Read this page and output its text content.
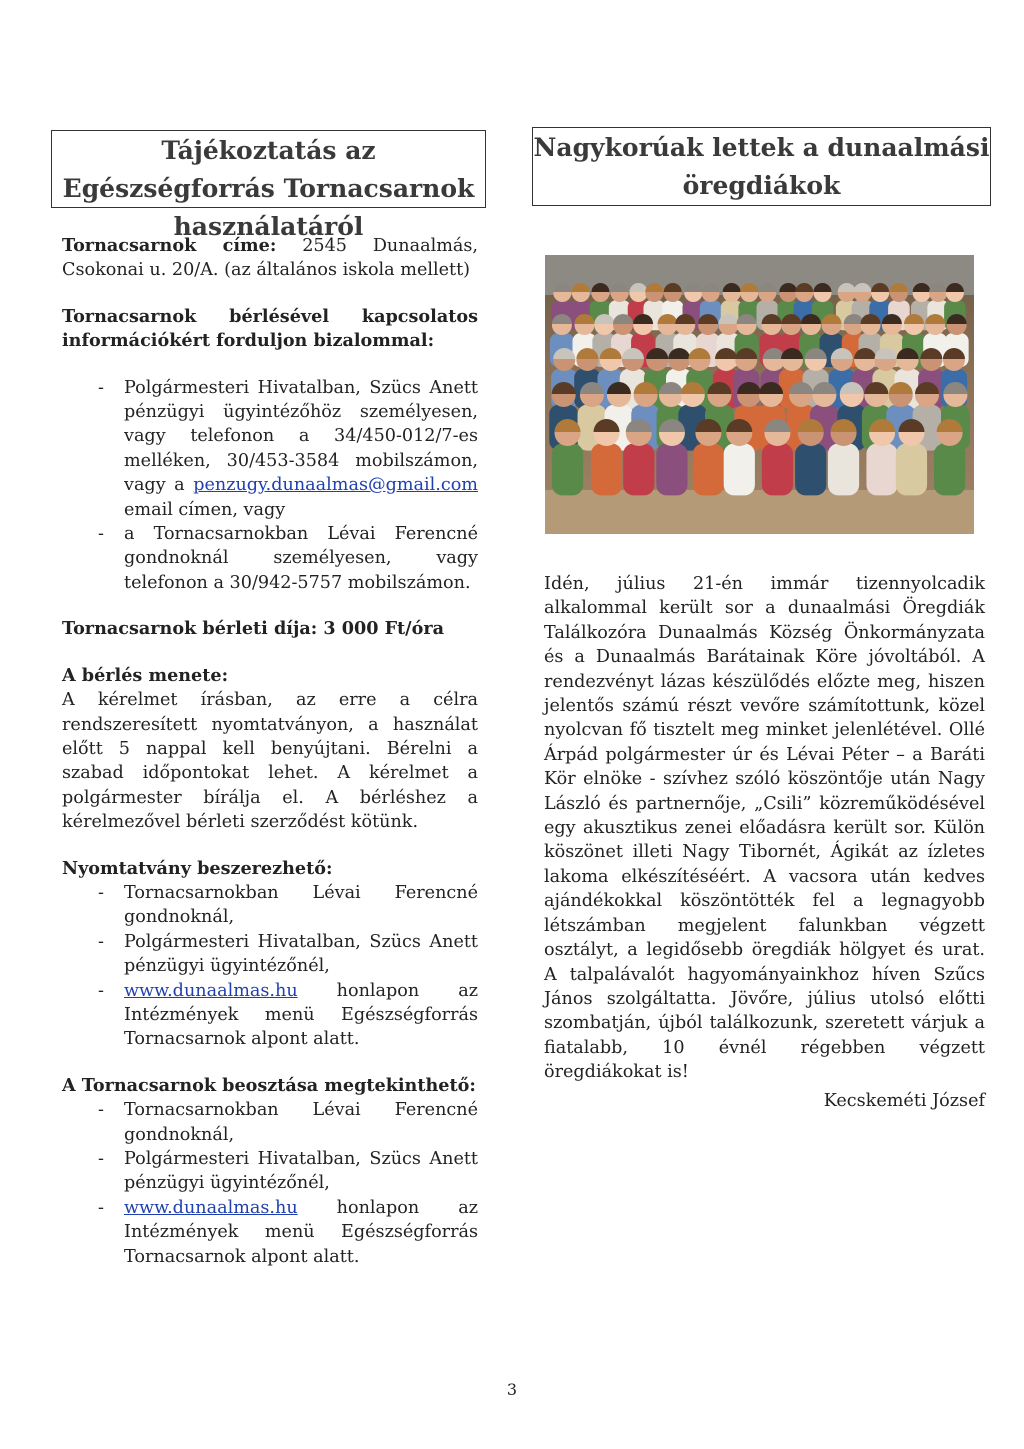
Tájékoztatás az Egészségforrás Tornacsarnok használatáról
Nagykorúak lettek a dunaalmási öregdiákok

Tornacsarnok címe: 2545 Dunaalmás, Csokonai u. 20/A. (az általános iskola mellett)

Tornacsarnok bérlésével kapcsolatos információkért forduljon bizalommal:

- Polgármesteri Hivatalban, Szücs Anett pénzügyi ügyintézőhöz személyesen, vagy telefonon a 34/450-012/7-es melléken, 30/453-3584 mobilszámon, vagy a penzugy.dunaalmas@gmail.com email címen, vagy
- a Tornacsarnokban Lévai Ferencné gondnoknál személyesen, vagy telefonon a 30/942-5757 mobilszámon.

Tornacsarnok bérleti díja: 3 000 Ft/óra

A bérlés menete:

A kérelmet írásban, az erre a célra rendszeresített nyomtatványon, a használat előtt 5 nappal kell benyújtani. Bérelni a szabad időpontokat lehet. A kérelmet a polgármester bírálja el. A bérléshez a kérelmezővel bérleti szerződést kötünk.

Nyomtatvány beszerezhető:

- Tornacsarnokban Lévai Ferencné gondnoknál,
- Polgármesteri Hivatalban, Szücs Anett pénzügyi ügyintézőnél,
- www.dunaalmas.hu honlapon az Intézmények menü Egészségforrás Tornacsarnok alpont alatt.

A Tornacsarnok beosztása megtekinthető:

- Tornacsarnokban Lévai Ferencné gondnoknál,
- Polgármesteri Hivatalban, Szücs Anett pénzügyi ügyintézőnél,
- www.dunaalmas.hu honlapon az Intézmények menü Egészségforrás Tornacsarnok alpont alatt.

Idén, július 21-én immár tizennyolcadik alkalommal került sor a dunaalmási Öregdiák Találkozóra Dunaalmás Község Önkormányzata és a Dunaalmás Barátainak Köre jóvoltából. A rendezvényt lázas készülődés előzte meg, hiszen jelentős számú részt vevőre számítottunk, közel nyolcvan fő tisztelt meg minket jelenlétével. Ollé Árpád polgármester úr és Lévai Péter – a Baráti Kör elnöke - szívhez szóló köszöntője után Nagy László és partnernője, „Csili” közreműködésével egy akusztikus zenei előadásra került sor. Külön köszönet illeti Nagy Tibornét, Ágikát az ízletes lakoma elkészítéséért. A vacsora után kedves ajándékokkal köszöntötték fel a legnagyobb létszámban megjelent falunkban végzett osztályt, a legidősebb öregdiák hölgyet és urat. A talpalávalót hagyományainkhoz híven Szűcs János szolgáltatta. Jövőre, július utolsó előtti szombatján, újból találkozunk, szeretett várjuk a fiatalabb, 10 évnél régebben végzett öregdiákokat is!

Kecskeméti József

3
